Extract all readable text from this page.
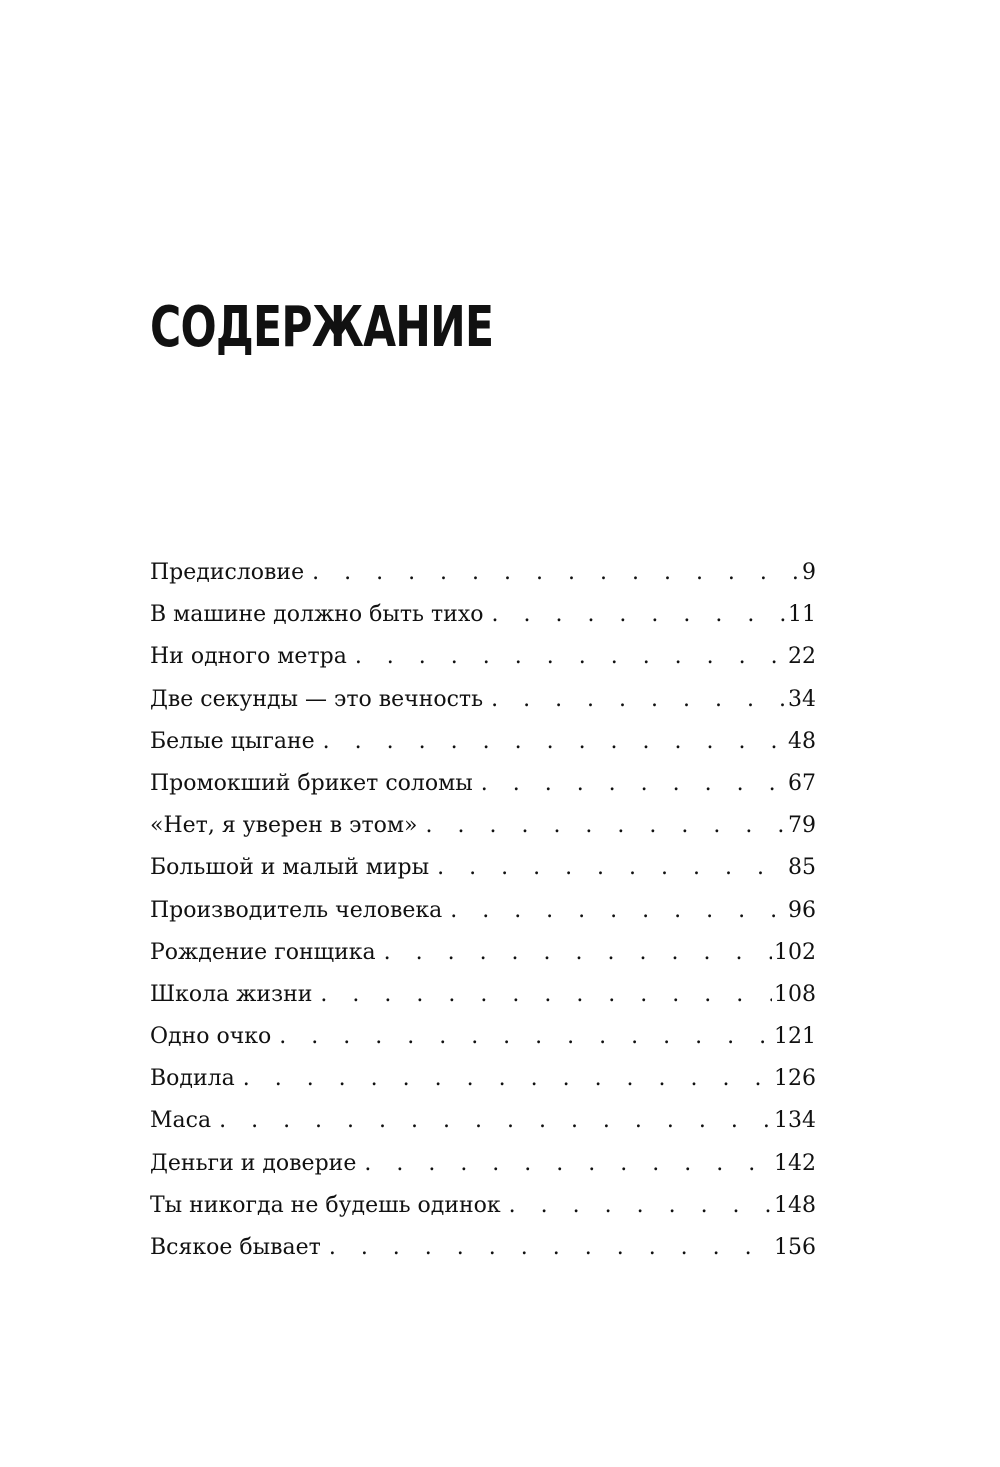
СОДЕРЖАНИЕ
Предисловие . . .	9
В машине должно быть тихо . . .	11
Ни одного метра . . .	22
Две секунды — это вечность . . .	34
Белые цыгане . . .	48
Промокший брикет соломы . . .	67
«Нет, я уверен в этом» . . .	79
Большой и малый миры . . .	85
Производитель человека . . .	96
Рождение гонщика . . .	102
Школа жизни . . .	108
Одно очко . . .	121
Водила . . .	126
Маса . . .	134
Деньги и доверие . . .	142
Ты никогда не будешь одинок . . .	148
Всякое бывает . . .	156
